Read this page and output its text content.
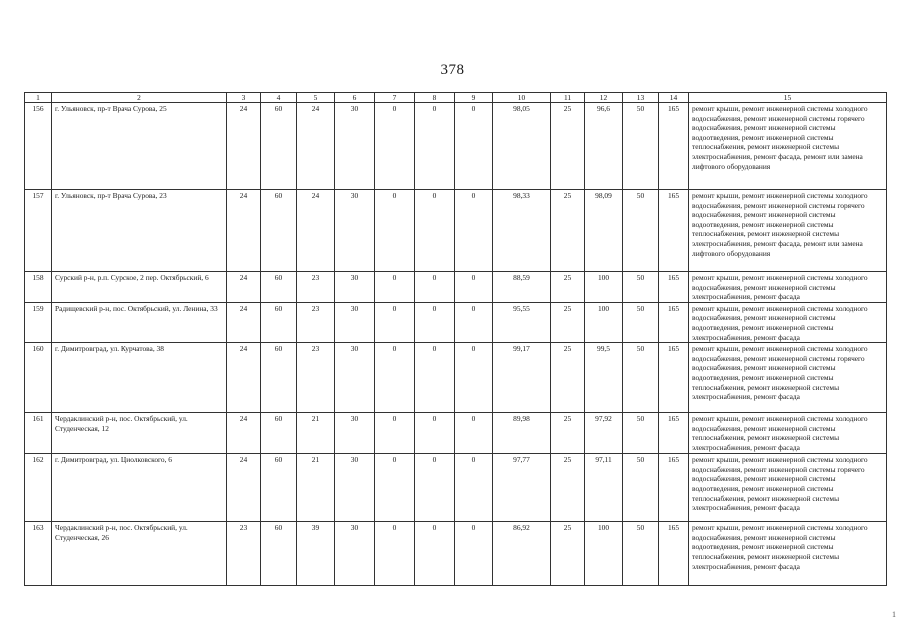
378
1	2	3	4	5	6	7	8	9	10	11	12	13	14	15
156	г. Ульяновск, пр-т Врача Сурова, 25	24	60	24	30	0	0	0	98,05	25	96,6	50	165	ремонт крыши, ремонт инженерной системы холодного водоснабжения, ремонт инженерной системы горячего водоснабжения, ремонт инженерной системы водоотведения, ремонт инженерной системы теплоснабжения, ремонт инженерной системы электроснабжения, ремонт фасада, ремонт или замена лифтового оборудования
157	г. Ульяновск, пр-т Врача Сурова, 23	24	60	24	30	0	0	0	98,33	25	98,09	50	165	ремонт крыши, ремонт инженерной системы холодного водоснабжения, ремонт инженерной системы горячего водоснабжения, ремонт инженерной системы водоотведения, ремонт инженерной системы теплоснабжения, ремонт инженерной системы электроснабжения, ремонт фасада, ремонт или замена лифтового оборудования
158	Сурский р-н, р.п. Сурское, 2 пер. Октябрьский, 6	24	60	23	30	0	0	0	88,59	25	100	50	165	ремонт крыши, ремонт инженерной системы холодного водоснабжения, ремонт инженерной системы электроснабжения, ремонт фасада
159	Радищевский р-н, пос. Октябрьский, ул. Ленина, 33	24	60	23	30	0	0	0	95,55	25	100	50	165	ремонт крыши, ремонт инженерной системы холодного водоснабжения, ремонт инженерной системы водоотведения, ремонт инженерной системы электроснабжения, ремонт фасада
160	г. Димитровград, ул. Курчатова, 38	24	60	23	30	0	0	0	99,17	25	99,5	50	165	ремонт крыши, ремонт инженерной системы холодного водоснабжения, ремонт инженерной системы горячего водоснабжения, ремонт инженерной системы водоотведения, ремонт инженерной системы теплоснабжения, ремонт инженерной системы электроснабжения, ремонт фасада
161	Чердаклинский р-н, пос. Октябрьский, ул. Студенческая, 12	24	60	21	30	0	0	0	89,98	25	97,92	50	165	ремонт крыши, ремонт инженерной системы холодного водоснабжения, ремонт инженерной системы теплоснабжения, ремонт инженерной системы электроснабжения, ремонт фасада
162	г. Димитровград, ул. Циолковского, 6	24	60	21	30	0	0	0	97,77	25	97,11	50	165	ремонт крыши, ремонт инженерной системы холодного водоснабжения, ремонт инженерной системы горячего водоснабжения, ремонт инженерной системы водоотведения, ремонт инженерной системы теплоснабжения, ремонт инженерной системы электроснабжения, ремонт фасада
163	Чердаклинский р-н, пос. Октябрьский, ул. Студенческая, 26	23	60	39	30	0	0	0	86,92	25	100	50	165	ремонт крыши, ремонт инженерной системы холодного водоснабжения, ремонт инженерной системы водоотведения, ремонт инженерной системы теплоснабжения, ремонт инженерной системы электроснабжения, ремонт фасада
1
